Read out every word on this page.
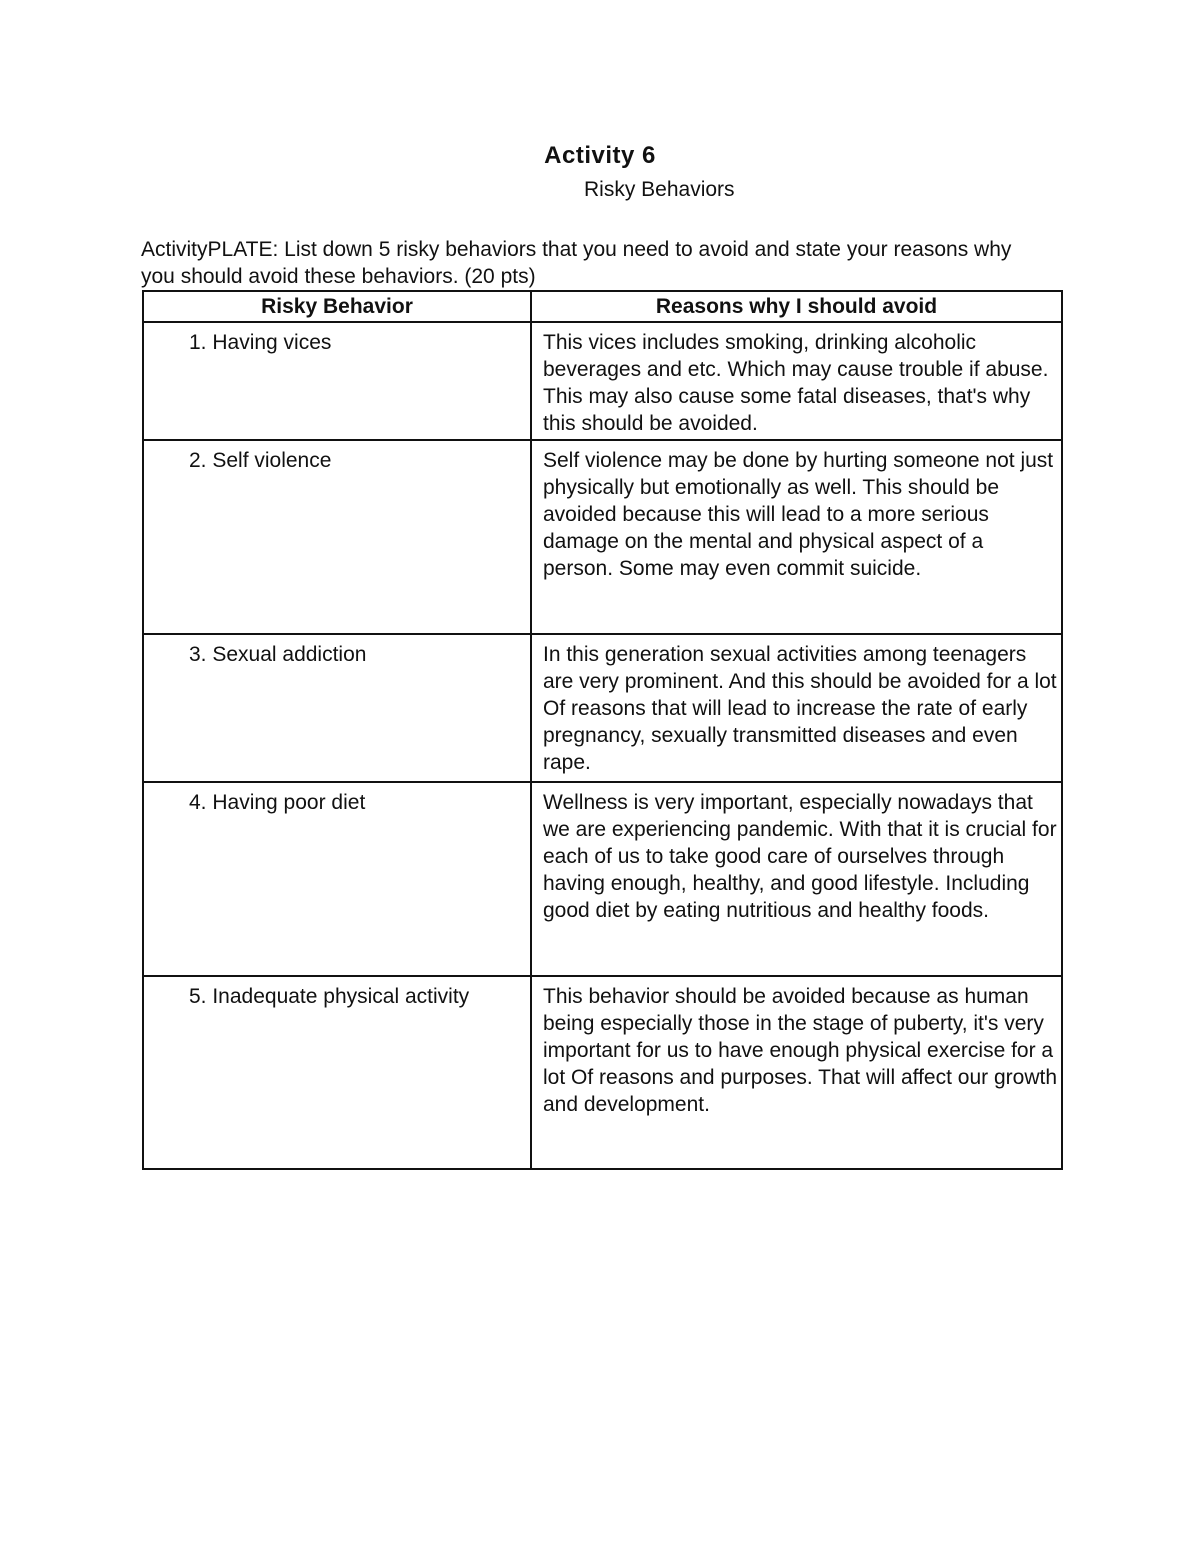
Activity 6
Risky Behaviors
ActivityPLATE: List down 5 risky behaviors that you need to avoid and state your reasons why you should avoid these behaviors. (20 pts)
Risky Behavior	Reasons why I should avoid

1. Having vices	This vices includes smoking, drinking alcoholic beverages and etc. Which may cause trouble if abuse. This may also cause some fatal diseases, that's why this should be avoided.

2. Self violence	Self violence may be done by hurting someone not just physically but emotionally as well. This should be avoided because this will lead to a more serious damage on the mental and physical aspect of a person. Some may even commit suicide.

3. Sexual addiction	In this generation sexual activities among teenagers are very prominent. And this should be avoided for a lot Of reasons that will lead to increase the rate of early pregnancy, sexually transmitted diseases and even rape.

4. Having poor diet	Wellness is very important, especially nowadays that we are experiencing pandemic. With that it is crucial for each of us to take good care of ourselves through having enough, healthy, and good lifestyle. Including good diet by eating nutritious and healthy foods.

5. Inadequate physical activity	This behavior should be avoided because as human being especially those in the stage of puberty, it's very important for us to have enough physical exercise for a lot Of reasons and purposes. That will affect our growth and development.
